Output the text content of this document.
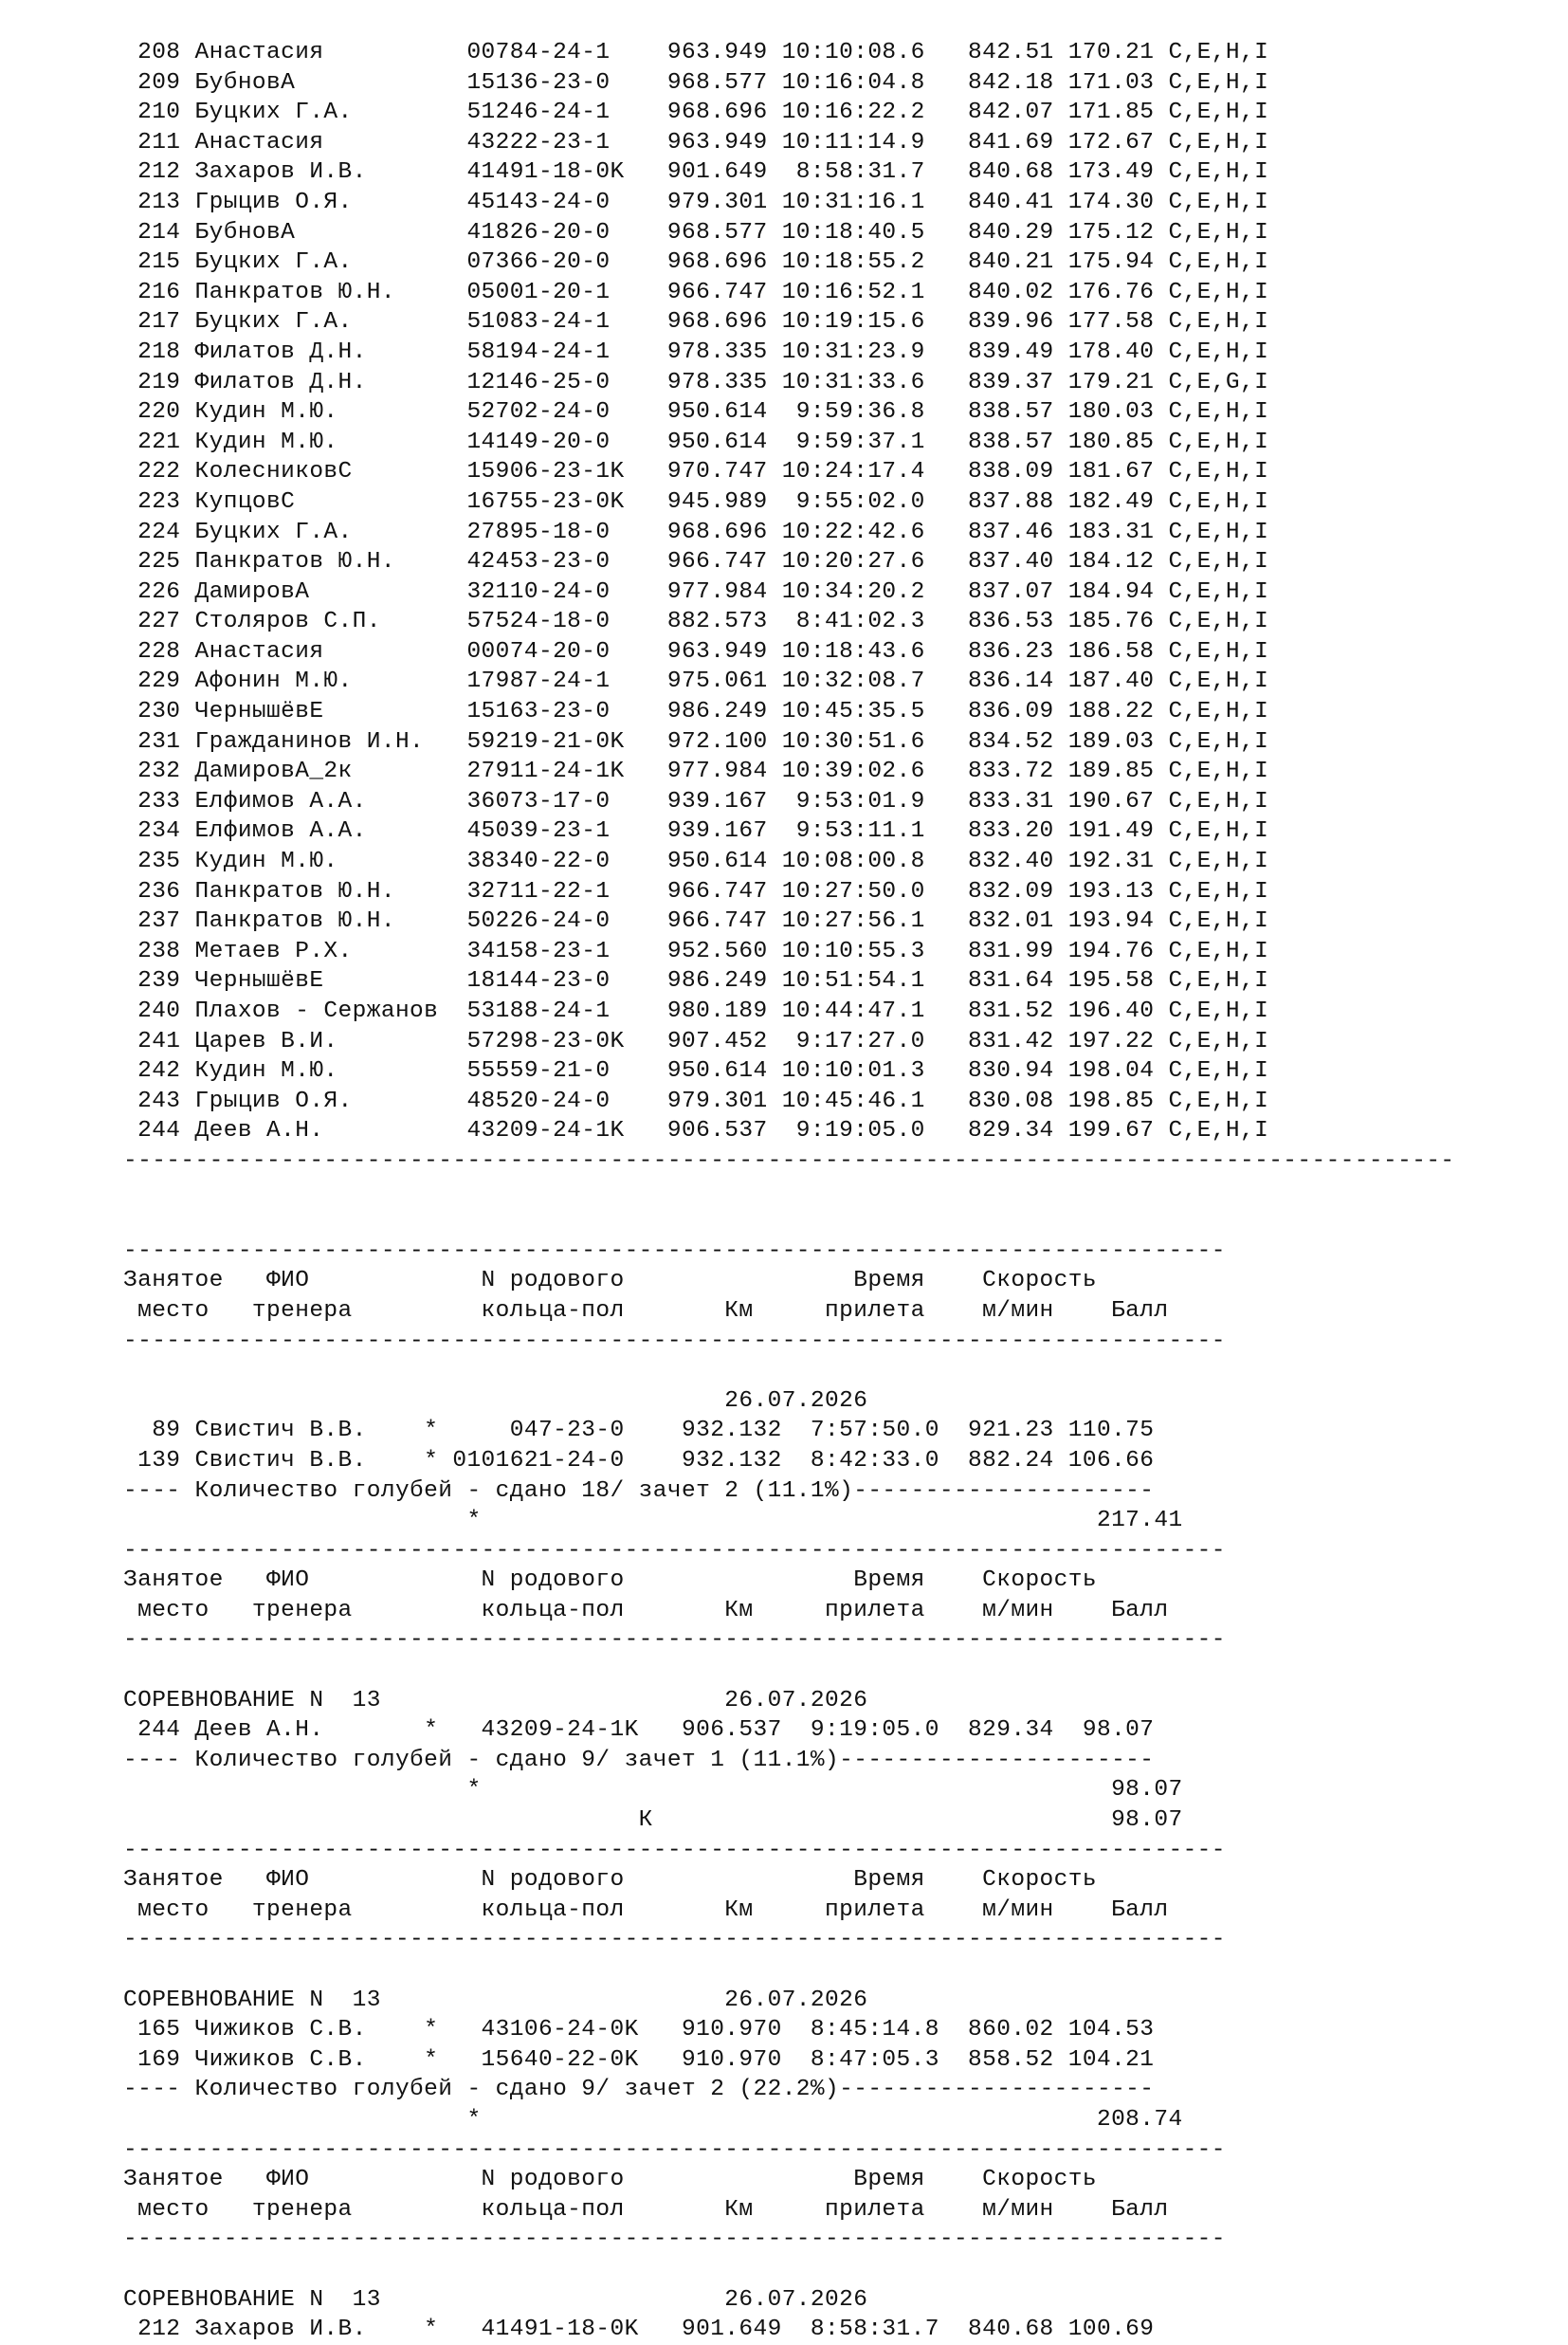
208 Анастасия          00784-24-1    963.949 10:10:08.6   842.51 170.21 C,E,H,I
209 БубновА            15136-23-0    968.577 10:16:04.8   842.18 171.03 C,E,H,I
210 Буцких Г.А.        51246-24-1    968.696 10:16:22.2   842.07 171.85 C,E,H,I
211 Анастасия          43222-23-1    963.949 10:11:14.9   841.69 172.67 C,E,H,I
212 Захаров И.В.       41491-18-0K   901.649  8:58:31.7   840.68 173.49 C,E,H,I
213 Грыцив О.Я.        45143-24-0    979.301 10:31:16.1   840.41 174.30 C,E,H,I
214 БубновА            41826-20-0    968.577 10:18:40.5   840.29 175.12 C,E,H,I
215 Буцких Г.А.        07366-20-0    968.696 10:18:55.2   840.21 175.94 C,E,H,I
216 Панкратов Ю.Н.     05001-20-1    966.747 10:16:52.1   840.02 176.76 C,E,H,I
217 Буцких Г.А.        51083-24-1    968.696 10:19:15.6   839.96 177.58 C,E,H,I
218 Филатов Д.Н.       58194-24-1    978.335 10:31:23.9   839.49 178.40 C,E,H,I
219 Филатов Д.Н.       12146-25-0    978.335 10:31:33.6   839.37 179.21 C,E,G,I
220 Кудин М.Ю.         52702-24-0    950.614  9:59:36.8   838.57 180.03 C,E,H,I
221 Кудин М.Ю.         14149-20-0    950.614  9:59:37.1   838.57 180.85 C,E,H,I
222 КолесниковС        15906-23-1K   970.747 10:24:17.4   838.09 181.67 C,E,H,I
223 КупцовС            16755-23-0K   945.989  9:55:02.0   837.88 182.49 C,E,H,I
224 Буцких Г.А.        27895-18-0    968.696 10:22:42.6   837.46 183.31 C,E,H,I
225 Панкратов Ю.Н.     42453-23-0    966.747 10:20:27.6   837.40 184.12 C,E,H,I
226 ДамировА           32110-24-0    977.984 10:34:20.2   837.07 184.94 C,E,H,I
227 Столяров С.П.      57524-18-0    882.573  8:41:02.3   836.53 185.76 C,E,H,I
228 Анастасия          00074-20-0    963.949 10:18:43.6   836.23 186.58 C,E,H,I
229 Афонин М.Ю.        17987-24-1    975.061 10:32:08.7   836.14 187.40 C,E,H,I
230 ЧернышёвЕ          15163-23-0    986.249 10:45:35.5   836.09 188.22 C,E,H,I
231 Гражданинов И.Н.   59219-21-0K   972.100 10:30:51.6   834.52 189.03 C,E,H,I
232 ДамировА_2к        27911-24-1K   977.984 10:39:02.6   833.72 189.85 C,E,H,I
233 Елфимов А.А.       36073-17-0    939.167  9:53:01.9   833.31 190.67 C,E,H,I
234 Елфимов А.А.       45039-23-1    939.167  9:53:11.1   833.20 191.49 C,E,H,I
235 Кудин М.Ю.         38340-22-0    950.614 10:08:00.8   832.40 192.31 C,E,H,I
236 Панкратов Ю.Н.     32711-22-1    966.747 10:27:50.0   832.09 193.13 C,E,H,I
237 Панкратов Ю.Н.     50226-24-0    966.747 10:27:56.1   832.01 193.94 C,E,H,I
238 Метаев Р.Х.        34158-23-1    952.560 10:10:55.3   831.99 194.76 C,E,H,I
239 ЧернышёвЕ          18144-23-0    986.249 10:51:54.1   831.64 195.58 C,E,H,I
240 Плахов - Сержанов  53188-24-1    980.189 10:44:47.1   831.52 196.40 C,E,H,I
241 Царев В.И.         57298-23-0K   907.452  9:17:27.0   831.42 197.22 C,E,H,I
242 Кудин М.Ю.         55559-21-0    950.614 10:10:01.3   830.94 198.04 C,E,H,I
243 Грыцив О.Я.        48520-24-0    979.301 10:45:46.1   830.08 198.85 C,E,H,I
244 Деев А.Н.          43209-24-1K   906.537  9:19:05.0   829.34 199.67 C,E,H,I
---------------------------------------------------------------------------------------------
-----------------------------------------------------------------------------
Занятое   ФИО            N родового                Время    Скорость
место   тренера         кольца-пол       Км     прилета    м/мин    Балл
-----------------------------------------------------------------------------
26.07.2026
89 Свистич В.В.    *     047-23-0    932.132  7:57:50.0  921.23 110.75
139 Свистич В.В.    * 0101621-24-0    932.132  8:42:33.0  882.24 106.66
---- Количество голубей - сдано 18/ зачет 2 (11.1%)---------------------
*                                           217.41
-----------------------------------------------------------------------------
Занятое   ФИО            N родового                Время    Скорость
место   тренера         кольца-пол       Км     прилета    м/мин    Балл
-----------------------------------------------------------------------------
СОРЕВНОВАНИЕ N  13                        26.07.2026
244 Деев А.Н.       *   43209-24-1K   906.537  9:19:05.0  829.34  98.07
---- Количество голубей - сдано 9/ зачет 1 (11.1%)----------------------
*                                            98.07
К                                98.07
-----------------------------------------------------------------------------
Занятое   ФИО            N родового                Время    Скорость
место   тренера         кольца-пол       Км     прилета    м/мин    Балл
-----------------------------------------------------------------------------
СОРЕВНОВАНИЕ N  13                        26.07.2026
165 Чижиков С.В.    *   43106-24-0K   910.970  8:45:14.8  860.02 104.53
169 Чижиков С.В.    *   15640-22-0K   910.970  8:47:05.3  858.52 104.21
---- Количество голубей - сдано 9/ зачет 2 (22.2%)----------------------
*                                           208.74
-----------------------------------------------------------------------------
Занятое   ФИО            N родового                Время    Скорость
место   тренера         кольца-пол       Км     прилета    м/мин    Балл
-----------------------------------------------------------------------------
СОРЕВНОВАНИЕ N  13                        26.07.2026
212 Захаров И.В.    *   41491-18-0K   901.649  8:58:31.7  840.68 100.69
